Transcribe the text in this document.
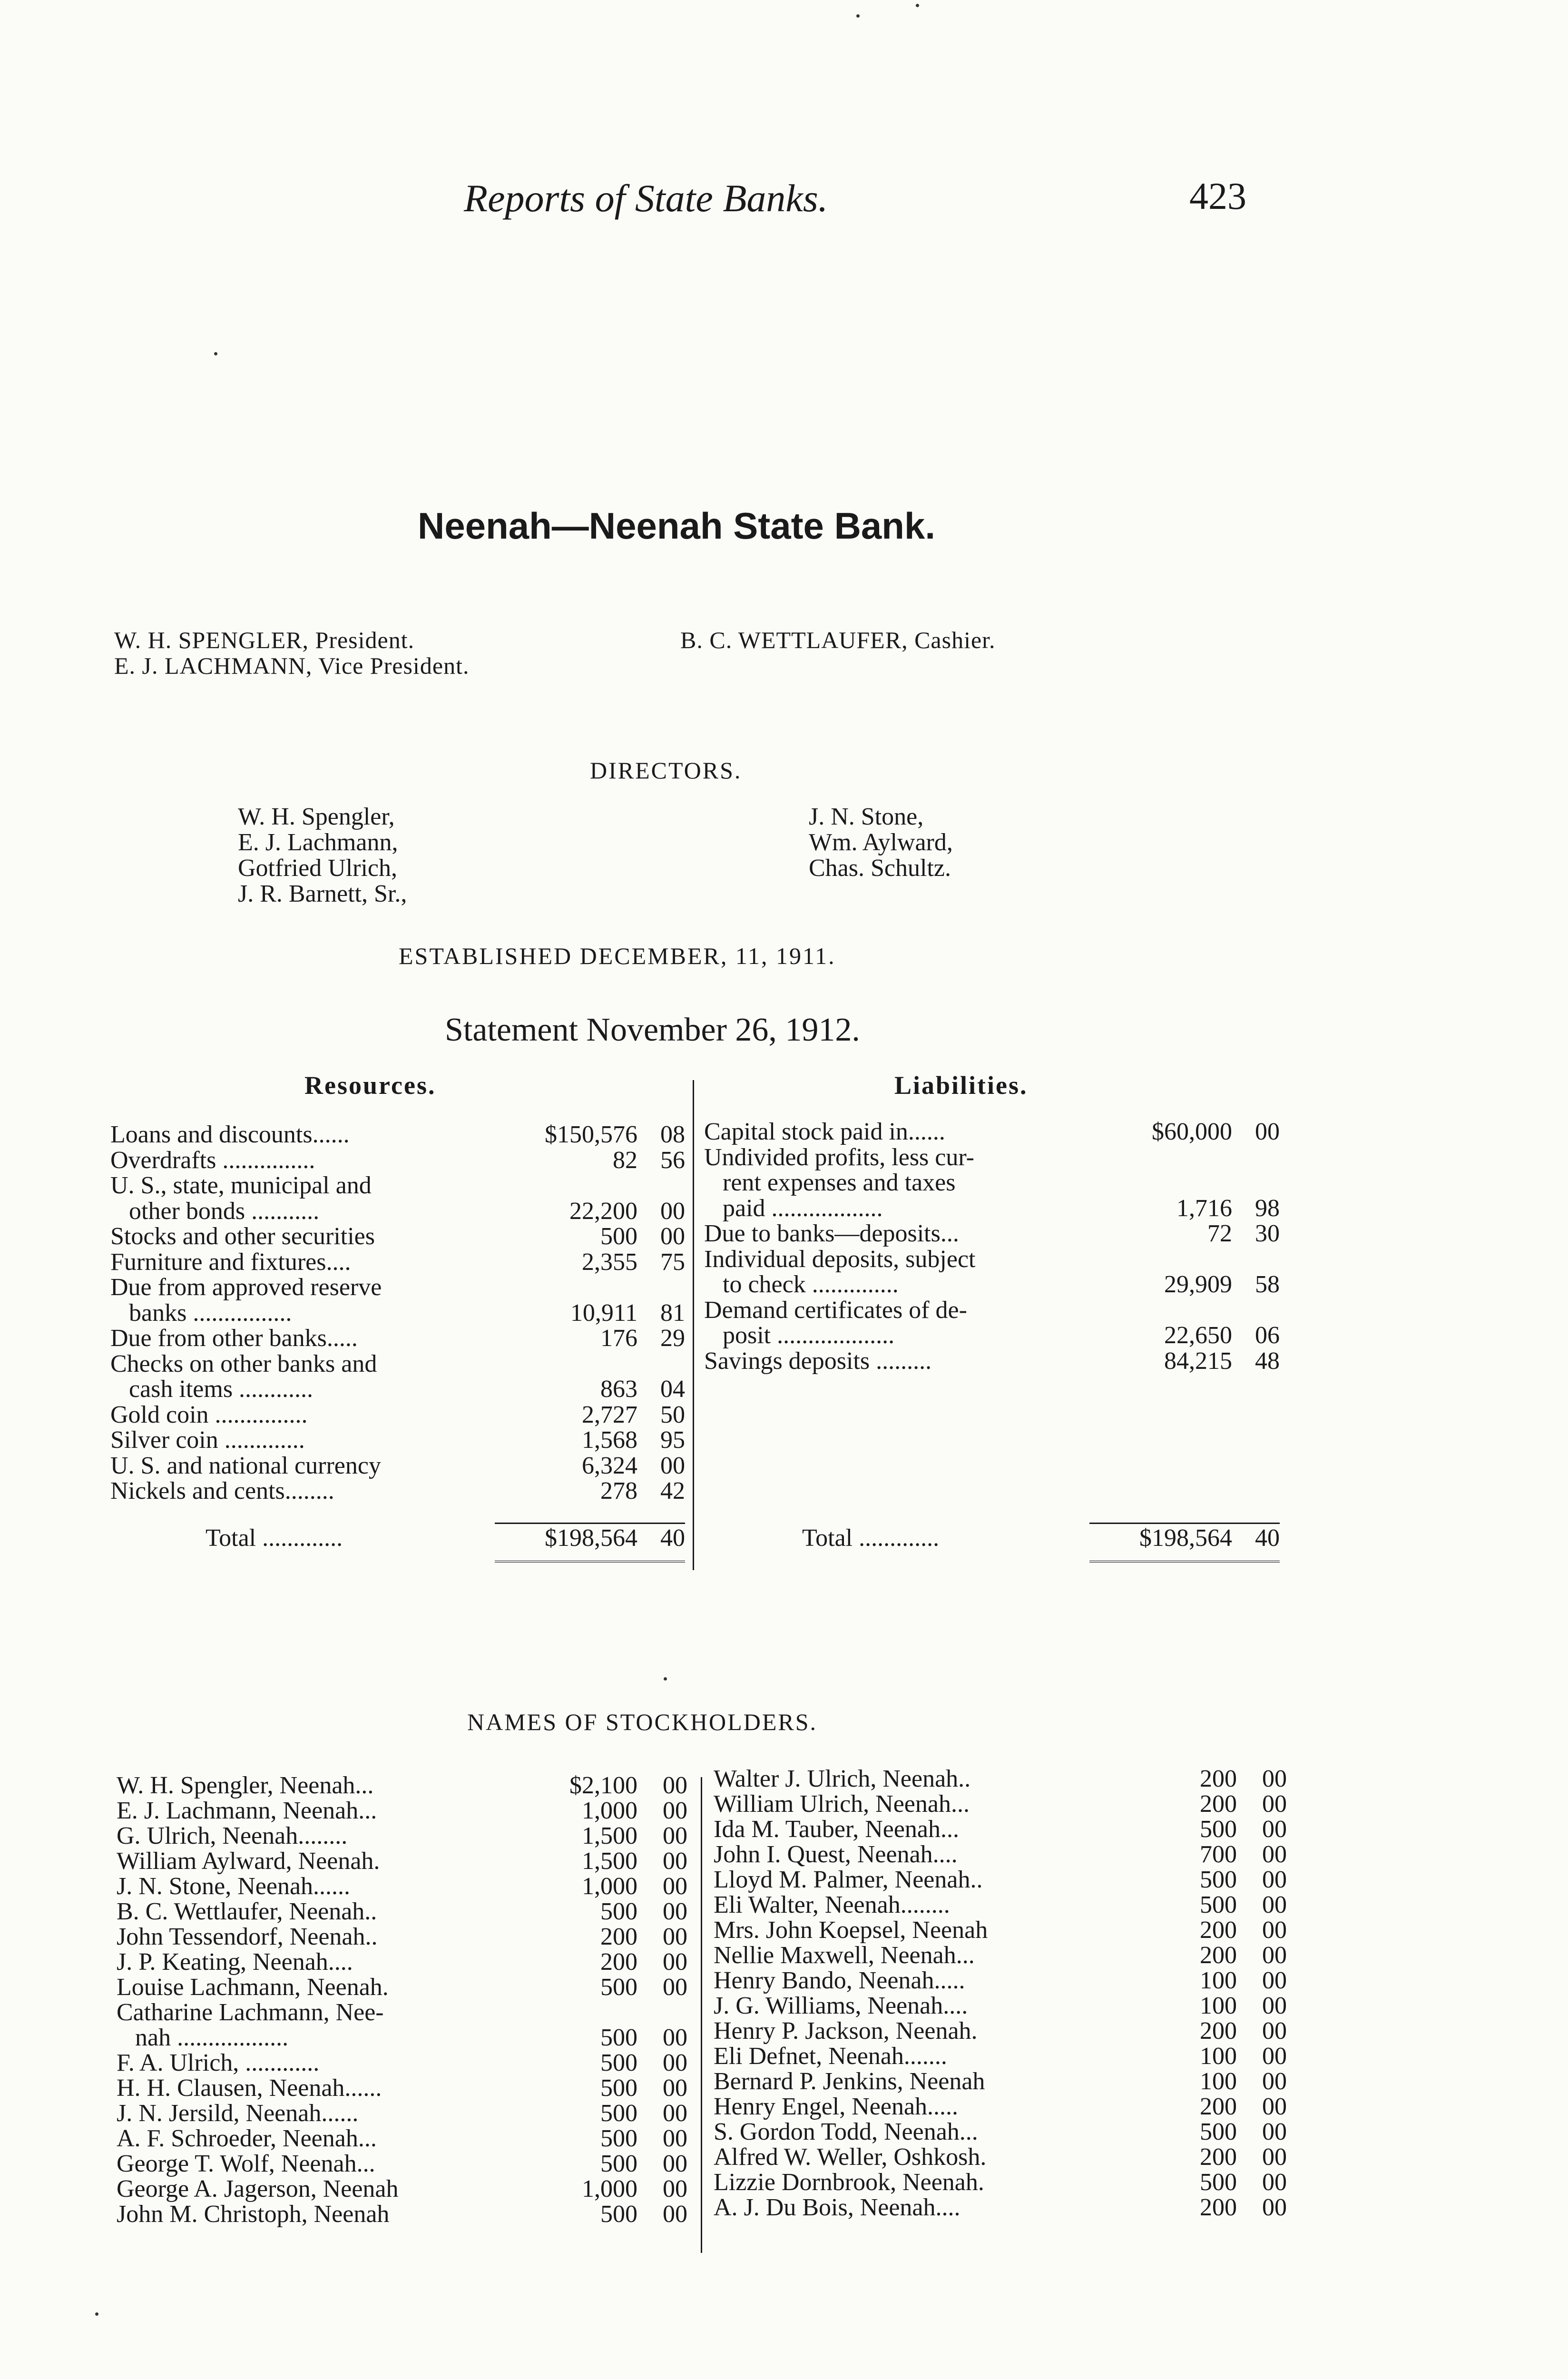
Reports of State Banks.	423
Neenah—Neenah State Bank.
W. H. SPENGLER, President.
E. J. LACHMANN, Vice President.
B. C. WETTLAUFER, Cashier.
DIRECTORS.
W. H. Spengler,
E. J. Lachmann,
Gotfried Ulrich,
J. R. Barnett, Sr.,
J. N. Stone,
Wm. Aylward,
Chas. Schultz.
ESTABLISHED DECEMBER, 11, 1911.
Statement November 26, 1912.
Resources.	Liabilities.
Loans and discounts......	$150,576 08
Overdrafts ...............	82 56
U. S., state, municipal and
other bonds ...........	22,200 00
Stocks and other securities	500 00
Furniture and fixtures....	2,355 75
Due from approved reserve
banks ................	10,911 81
Due from other banks.....	176 29
Checks on other banks and
cash items ............	863 04
Gold coin ...............	2,727 50
Silver coin .............	1,568 95
U. S. and national currency	6,324 00
Nickels and cents........	278 42
Capital stock paid in......	$60,000 00
Undivided profits, less cur-
rent expenses and taxes
paid ..................	1,716 98
Due to banks—deposits...	72 30
Individual deposits, subject
to check ..............	29,909 58
Demand certificates of de-
posit ...................	22,650 06
Savings deposits .........	84,215 48
Total .............	$198,564 40	Total .............	$198,564 40
NAMES OF STOCKHOLDERS.
W. H. Spengler, Neenah...	$2,100	00
E. J. Lachmann, Neenah...	1,000	00
G. Ulrich, Neenah........	1,500	00
William Aylward, Neenah.	1,500	00
J. N. Stone, Neenah......	1,000	00
B. C. Wettlaufer, Neenah..	500	00
John Tessendorf, Neenah..	200	00
J. P. Keating, Neenah....	200	00
Louise Lachmann, Neenah.	500	00
Catharine Lachmann, Nee-
nah ..................	500	00
F. A. Ulrich, ............	500	00
H. H. Clausen, Neenah......	500	00
J. N. Jersild, Neenah......	500	00
A. F. Schroeder, Neenah...	500	00
George T. Wolf, Neenah...	500	00
George A. Jagerson, Neenah	1,000	00
John M. Christoph, Neenah	500	00
Walter J. Ulrich, Neenah..	200	00
William Ulrich, Neenah...	200	00
Ida M. Tauber, Neenah...	500	00
John I. Quest, Neenah....	700	00
Lloyd M. Palmer, Neenah..	500	00
Eli Walter, Neenah........	500	00
Mrs. John Koepsel, Neenah	200	00
Nellie Maxwell, Neenah...	200	00
Henry Bando, Neenah.....	100	00
J. G. Williams, Neenah....	100	00
Henry P. Jackson, Neenah.	200	00
Eli Defnet, Neenah.......	100	00
Bernard P. Jenkins, Neenah	100	00
Henry Engel, Neenah.....	200	00
S. Gordon Todd, Neenah...	500	00
Alfred W. Weller, Oshkosh.	200	00
Lizzie Dornbrook, Neenah.	500	00
A. J. Du Bois, Neenah....	200	00
